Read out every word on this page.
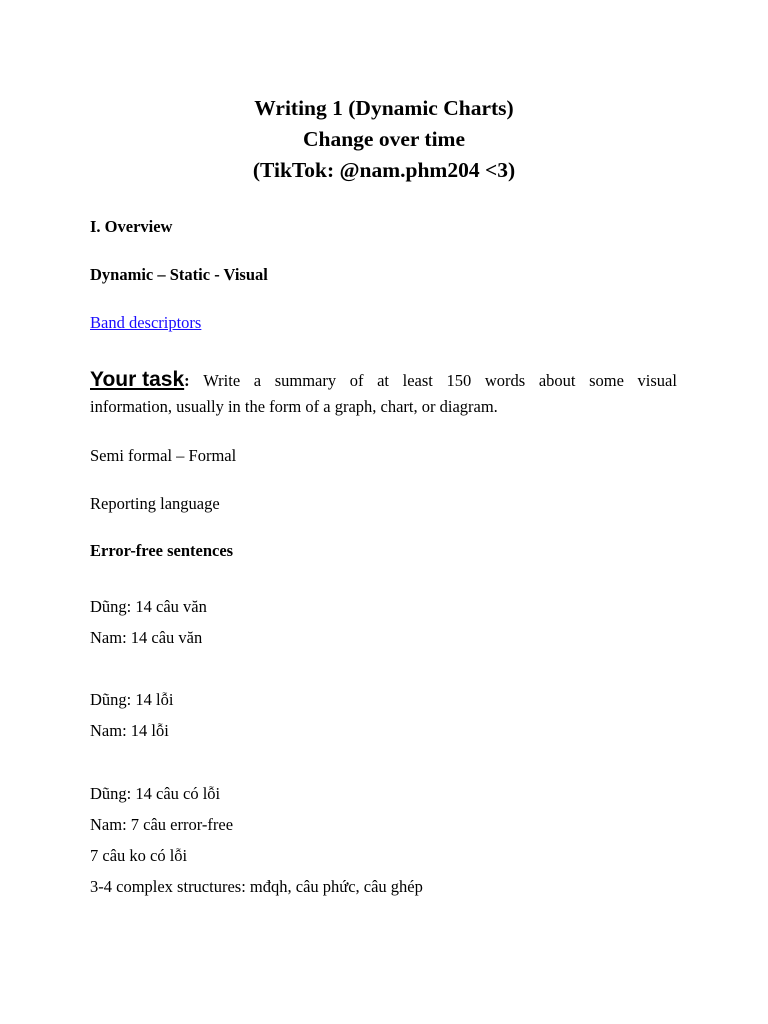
Writing 1 (Dynamic Charts)
Change over time
(TikTok: @nam.phm204 <3)
I. Overview
Dynamic – Static - Visual
Band descriptors
Your task: Write a summary of at least 150 words about some visual
information, usually in the form of a graph, chart, or diagram.
Semi formal – Formal
Reporting language
Error-free sentences
Dũng: 14 câu văn
Nam: 14 câu văn
Dũng: 14 lỗi
Nam: 14 lỗi
Dũng: 14 câu có lỗi
Nam: 7 câu error-free
7 câu ko có lỗi
3-4 complex structures: mđqh, câu phức, câu ghép
